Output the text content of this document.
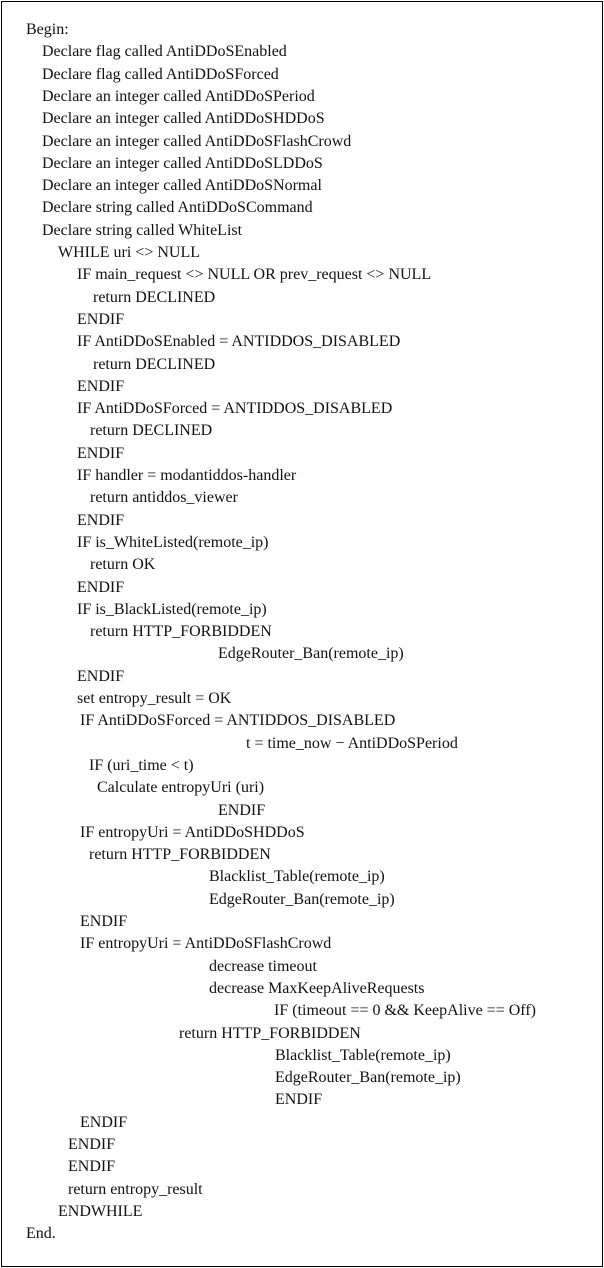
Begin:
Declare flag called AntiDDoSEnabled
Declare flag called AntiDDoSForced
Declare an integer called AntiDDoSPeriod
Declare an integer called AntiDDoSHDDoS
Declare an integer called AntiDDoSFlashCrowd
Declare an integer called AntiDDoSLDDoS
Declare an integer called AntiDDoSNormal
Declare string called AntiDDoSCommand
Declare string called WhiteList
WHILE uri <> NULL
IF main_request <> NULL OR prev_request <> NULL
return DECLINED
ENDIF
IF AntiDDoSEnabled = ANTIDDOS_DISABLED
return DECLINED
ENDIF
IF AntiDDoSForced = ANTIDDOS_DISABLED
return DECLINED
ENDIF
IF handler = modantiddos-handler
return antiddos_viewer
ENDIF
IF is_WhiteListed(remote_ip)
return OK
ENDIF
IF is_BlackListed(remote_ip)
return HTTP_FORBIDDEN
EdgeRouter_Ban(remote_ip)
ENDIF
set entropy_result = OK
IF AntiDDoSForced = ANTIDDOS_DISABLED
t = time_now − AntiDDoSPeriod
IF (uri_time < t)
Calculate entropyUri (uri)
ENDIF
IF entropyUri = AntiDDoSHDDoS
return HTTP_FORBIDDEN
Blacklist_Table(remote_ip)
EdgeRouter_Ban(remote_ip)
ENDIF
IF entropyUri = AntiDDoSFlashCrowd
decrease timeout
decrease MaxKeepAliveRequests
IF (timeout == 0 && KeepAlive == Off)
return HTTP_FORBIDDEN
Blacklist_Table(remote_ip)
EdgeRouter_Ban(remote_ip)
ENDIF
ENDIF
ENDIF
ENDIF
return entropy_result
ENDWHILE
End.
